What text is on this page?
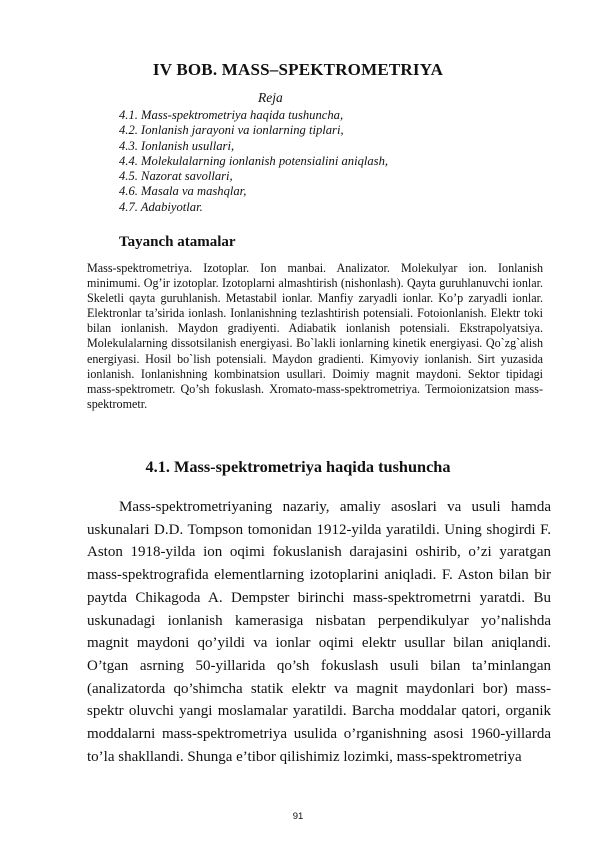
IV BOB. MASS–SPEKTROMETRIYA
Reja
4.1. Mass-spektrometriya haqida tushuncha,
4.2. Ionlanish jarayoni va ionlarning tiplari,
4.3. Ionlanish usullari,
4.4. Molekulalarning ionlanish potensialini aniqlash,
4.5. Nazorat savollari,
4.6. Masala va mashqlar,
4.7. Adabiyotlar.
Tayanch atamalar

Mass-spektrometriya. Izotoplar. Ion manbai. Analizator. Molekulyar ion. Ionlanish minimumi. Og’ir izotoplar. Izotoplarni almashtirish (nishonlash). Qayta guruhlanuvchi ionlar. Skeletli qayta guruhlanish. Metastabil ionlar. Manfiy zaryadli ionlar. Ko’p zaryadli ionlar. Elektronlar ta’sirida ionlash. Ionlanishning tezlashtirish potensiali. Fotoionlanish. Elektr toki bilan ionlanish. Maydon gradiyenti. Adiabatik ionlanish potensiali. Ekstrapolyatsiya. Molekulalarning dissotsilanish energiyasi. Bo`lakli ionlarning kinetik energiyasi. Qo`zg`alish energiyasi. Hosil bo`lish potensiali. Maydon gradienti. Kimyoviy ionlanish. Sirt yuzasida ionlanish. Ionlanishning kombinatsion usullari. Doimiy magnit maydoni. Sektor tipidagi mass-spektrometr. Qo’sh fokuslash. Xromato-mass-spektrometriya. Termoionizatsion mass-spektrometr.

4.1. Mass-spektrometriya haqida tushuncha

Mass-spektrometriyaning nazariy, amaliy asoslari va usuli hamda uskunalari D.D. Tompson tomonidan 1912-yilda yaratildi. Uning shogirdi F. Aston 1918-yilda ion oqimi fokuslanish darajasini oshirib, o’zi yaratgan mass-spektrografida elementlarning izotoplarini aniqladi. F. Aston bilan bir paytda Chikagoda A. Dempster birinchi mass-spektrometrni yaratdi. Bu uskunadagi ionlanish kamerasiga nisbatan perpendikulyar yo’nalishda magnit maydoni qo’yildi va ionlar oqimi elektr usullar bilan aniqlandi. O’tgan asrning 50-yillarida qo’sh fokuslash usuli bilan ta’minlangan (analizatorda qo’shimcha statik elektr va magnit maydonlari bor) mass-spektr oluvchi yangi moslamalar yaratildi. Barcha moddalar qatori, organik moddalarni mass-spektrometriya usulida o’rganishning asosi 1960-yillarda to’la shakllandi. Shunga e’tibor qilishimiz lozimki, mass-spektrometriya

91
